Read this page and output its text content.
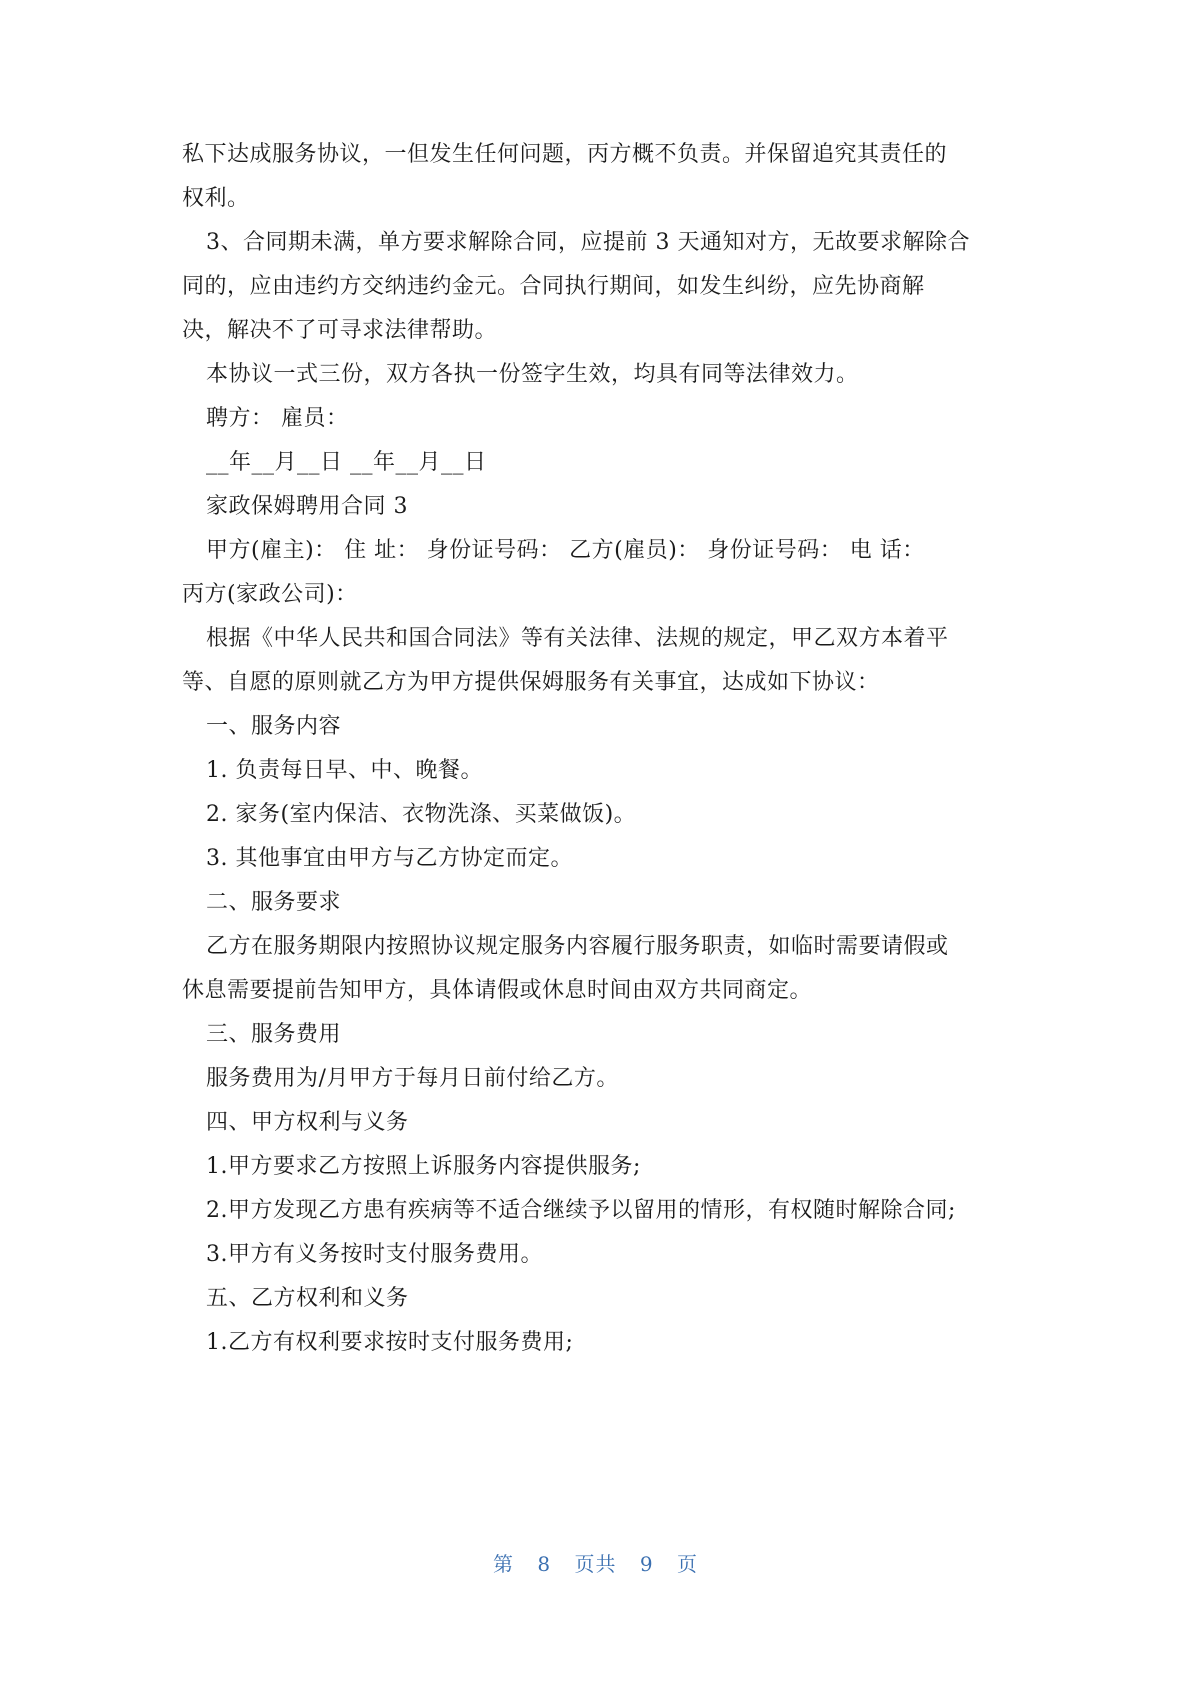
私下达成服务协议，一但发生任何问题，丙方概不负责。并保留追究其责任的
权利。
3、合同期未满，单方要求解除合同，应提前 3 天通知对方，无故要求解除合
同的，应由违约方交纳违约金元。合同执行期间，如发生纠纷，应先协商解
决，解决不了可寻求法律帮助。
本协议一式三份，双方各执一份签字生效，均具有同等法律效力。
聘方： 雇员：
__年__月__日 __年__月__日
家政保姆聘用合同 3
甲方(雇主)： 住 址： 身份证号码： 乙方(雇员)： 身份证号码： 电 话：
丙方(家政公司)：
根据《中华人民共和国合同法》等有关法律、法规的规定，甲乙双方本着平
等、自愿的原则就乙方为甲方提供保姆服务有关事宜，达成如下协议：
一、服务内容
1. 负责每日早、中、晚餐。
2. 家务(室内保洁、衣物洗涤、买菜做饭)。
3. 其他事宜由甲方与乙方协定而定。
二、服务要求
乙方在服务期限内按照协议规定服务内容履行服务职责，如临时需要请假或
休息需要提前告知甲方，具体请假或休息时间由双方共同商定。
三、服务费用
服务费用为/月甲方于每月日前付给乙方。
四、甲方权利与义务
1.甲方要求乙方按照上诉服务内容提供服务;
2.甲方发现乙方患有疾病等不适合继续予以留用的情形，有权随时解除合同;
3.甲方有义务按时支付服务费用。
五、乙方权利和义务
1.乙方有权利要求按时支付服务费用;
第 8 页共 9 页
